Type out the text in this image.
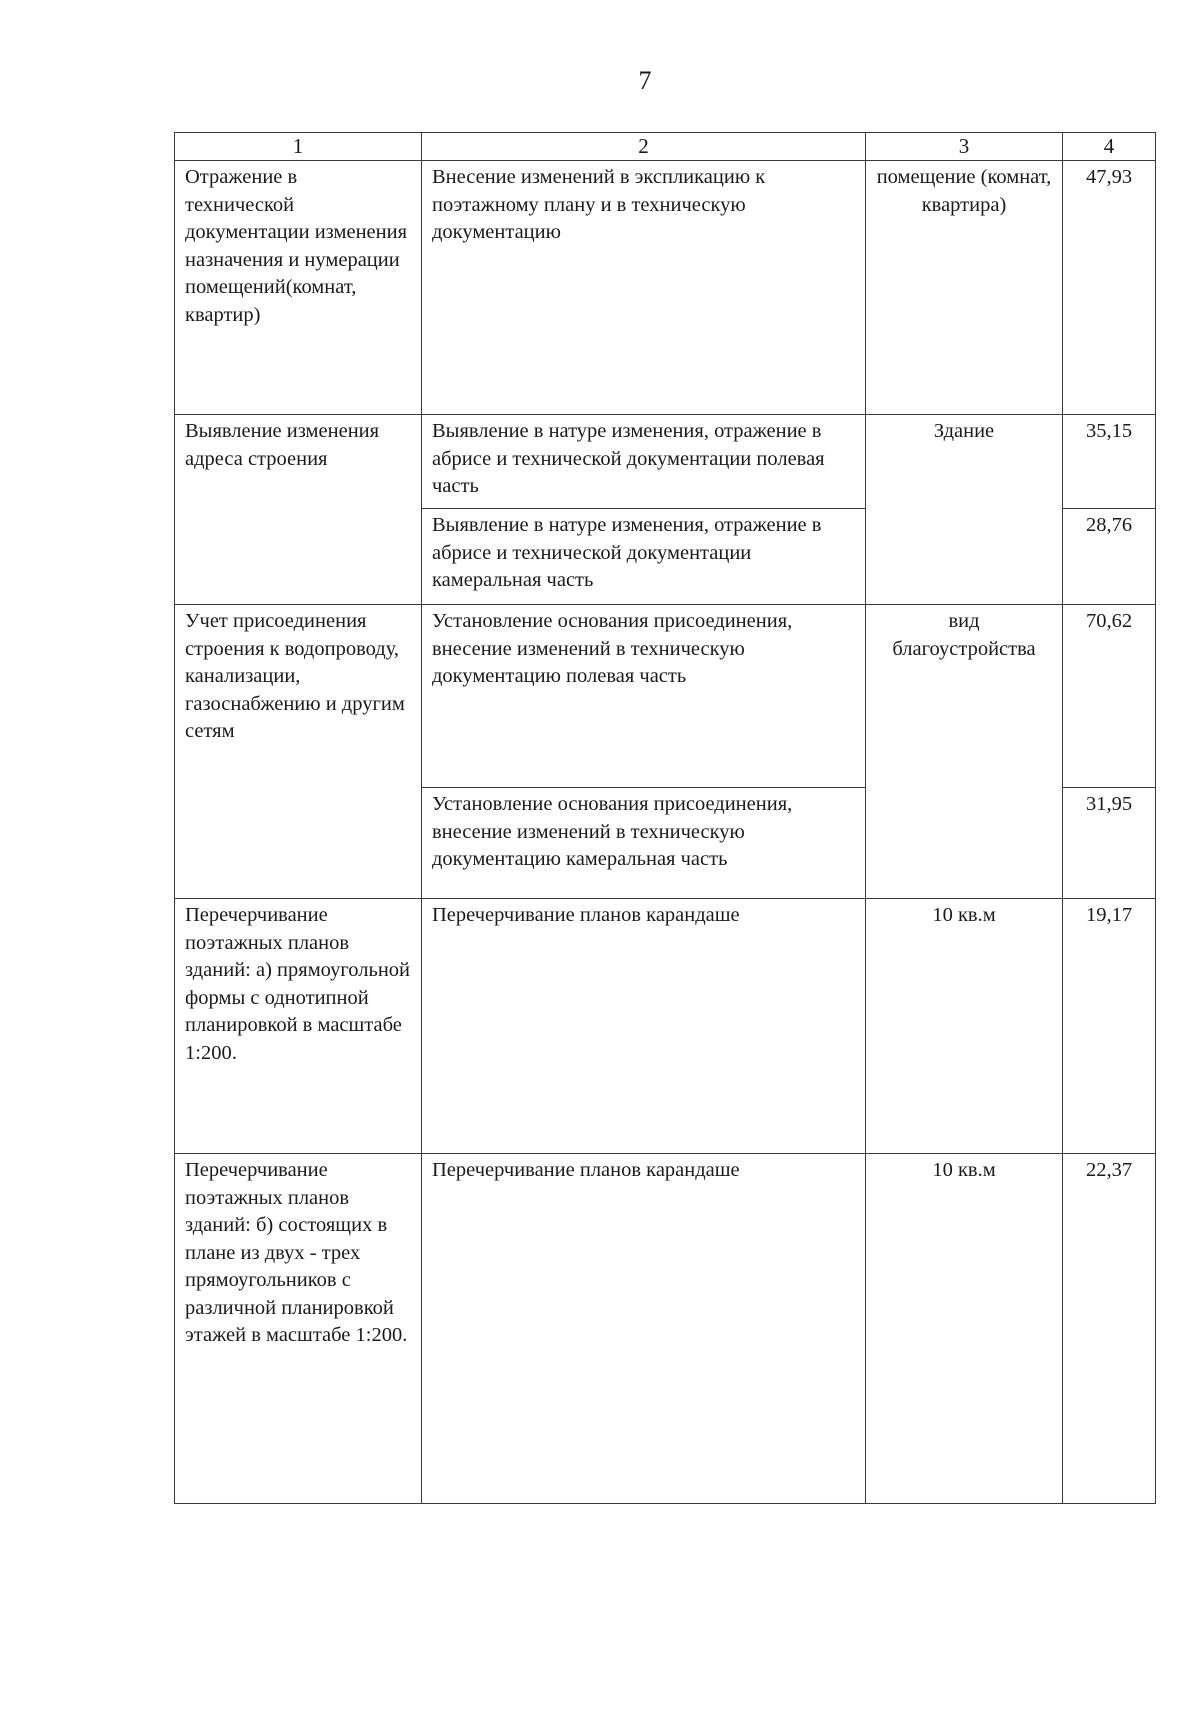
7
1	2	3	4
Отражение в технической документации изменения назначения и нумерации помещений(комнат, квартир)	Внесение изменений в экспликацию к поэтажному плану и в техническую документацию	помещение (комнат, квартира)	47,93
Выявление изменения адреса строения	Выявление в натуре изменения, отражение в абрисе и технической документации полевая часть	Здание	35,15
	Выявление в натуре изменения, отражение в абрисе и технической документации камеральная часть		28,76
Учет присоединения строения к водопроводу, канализации, газоснабжению и другим сетям	Установление основания присоединения, внесение изменений в техническую документацию полевая часть	вид благоустройства	70,62
	Установление основания присоединения, внесение изменений в техническую документацию камеральная часть		31,95
Перечерчивание поэтажных планов зданий: а) прямоугольной формы с однотипной планировкой в масштабе 1:200.	Перечерчивание планов карандаше	10 кв.м	19,17
Перечерчивание поэтажных планов зданий: б) состоящих в плане из двух - трех прямоугольников с различной планировкой этажей в масштабе 1:200.	Перечерчивание планов карандаше	10 кв.м	22,37
